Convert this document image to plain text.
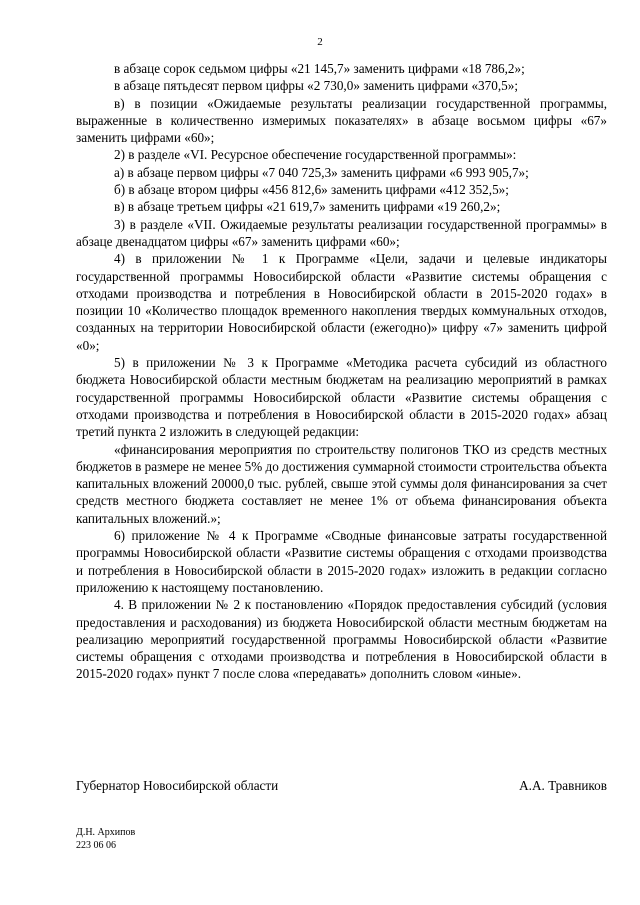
2

в абзаце сорок седьмом цифры «21 145,7» заменить цифрами «18 786,2»;

в абзаце пятьдесят первом цифры «2 730,0» заменить цифрами «370,5»;

в) в позиции «Ожидаемые результаты реализации государственной программы, выраженные в количественно измеримых показателях» в абзаце восьмом цифры «67» заменить цифрами «60»;

2) в разделе «VI. Ресурсное обеспечение государственной программы»:

а) в абзаце первом цифры «7 040 725,3» заменить цифрами «6 993 905,7»;

б) в абзаце втором цифры «456 812,6» заменить цифрами «412 352,5»;

в) в абзаце третьем цифры «21 619,7» заменить цифрами «19 260,2»;

3) в разделе «VII. Ожидаемые результаты реализации государственной программы» в абзаце двенадцатом цифры «67» заменить цифрами «60»;

4) в приложении № 1 к Программе «Цели, задачи и целевые индикаторы государственной программы Новосибирской области «Развитие системы обращения с отходами производства и потребления в Новосибирской области в 2015-2020 годах» в позиции 10 «Количество площадок временного накопления твердых коммунальных отходов, созданных на территории Новосибирской области (ежегодно)» цифру «7» заменить цифрой «0»;

5) в приложении № 3 к Программе «Методика расчета субсидий из областного бюджета Новосибирской области местным бюджетам на реализацию мероприятий в рамках государственной программы Новосибирской области «Развитие системы обращения с отходами производства и потребления в Новосибирской области в 2015-2020 годах» абзац третий пункта 2 изложить в следующей редакции:

«финансирования мероприятия по строительству полигонов ТКО из средств местных бюджетов в размере не менее 5% до достижения суммарной стоимости строительства объекта капитальных вложений 20000,0 тыс. рублей, свыше этой суммы доля финансирования за счет средств местного бюджета составляет не менее 1% от объема финансирования объекта капитальных вложений.»;

6) приложение № 4 к Программе «Сводные финансовые затраты государственной программы Новосибирской области «Развитие системы обращения с отходами производства и потребления в Новосибирской области в 2015-2020 годах» изложить в редакции согласно приложению к настоящему постановлению.

4. В приложении № 2 к постановлению «Порядок предоставления субсидий (условия предоставления и расходования) из бюджета Новосибирской области местным бюджетам на реализацию мероприятий государственной программы Новосибирской области «Развитие системы обращения с отходами производства и потребления в Новосибирской области в 2015-2020 годах» пункт 7 после слова «передавать» дополнить словом «иные».

Губернатор Новосибирской области	А.А. Травников
Д.Н. Архипов
223 06 06
